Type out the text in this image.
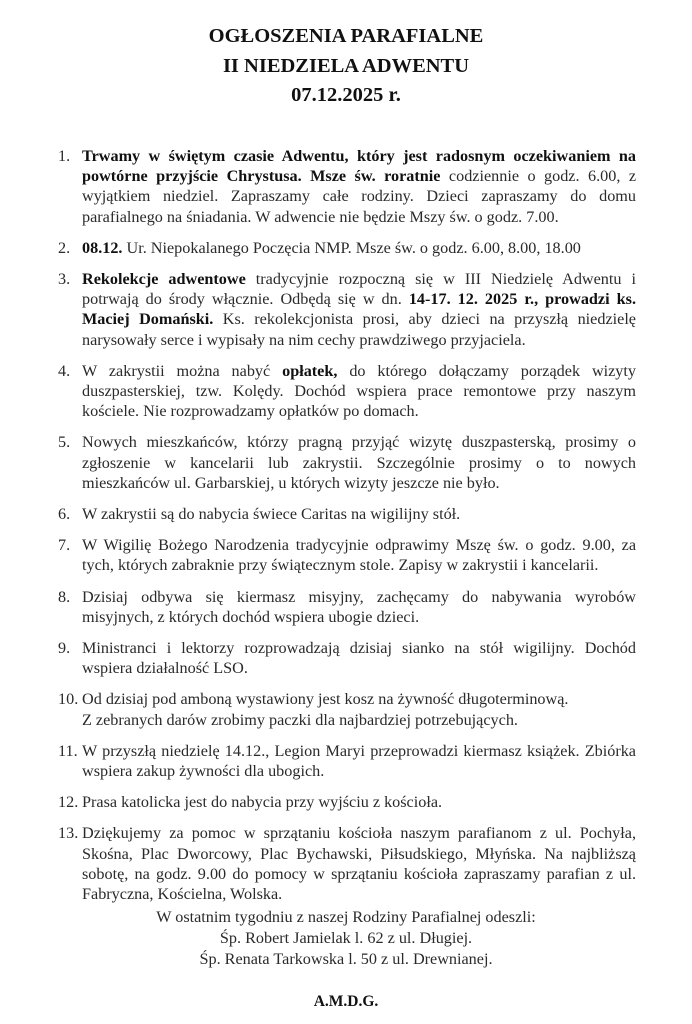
OGŁOSZENIA PARAFIALNE
II NIEDZIELA ADWENTU
07.12.2025 r.
1. Trwamy w świętym czasie Adwentu, który jest radosnym oczekiwaniem na powtórne przyjście Chrystusa. Msze św. roratnie codziennie o godz. 6.00, z wyjątkiem niedziel. Zapraszamy całe rodziny. Dzieci zapraszamy do domu parafialnego na śniadania. W adwencie nie będzie Mszy św. o godz. 7.00.
2. 08.12. Ur. Niepokalanego Poczęcia NMP. Msze św. o godz. 6.00, 8.00, 18.00
3. Rekolekcje adwentowe tradycyjnie rozpoczną się w III Niedzielę Adwentu i potrwają do środy włącznie. Odbędą się w dn. 14-17. 12. 2025 r., prowadzi ks. Maciej Domański. Ks. rekolekcjonista prosi, aby dzieci na przyszłą niedzielę narysowały serce i wypisały na nim cechy prawdziwego przyjaciela.
4. W zakrystii można nabyć opłatek, do którego dołączamy porządek wizyty duszpasterskiej, tzw. Kolędy. Dochód wspiera prace remontowe przy naszym kościele. Nie rozprowadzamy opłatków po domach.
5. Nowych mieszkańców, którzy pragną przyjąć wizytę duszpasterską, prosimy o zgłoszenie w kancelarii lub zakrystii. Szczególnie prosimy o to nowych mieszkańców ul. Garbarskiej, u których wizyty jeszcze nie było.
6. W zakrystii są do nabycia świece Caritas na wigilijny stół.
7. W Wigilię Bożego Narodzenia tradycyjnie odprawimy Mszę św. o godz. 9.00, za tych, których zabraknie przy świątecznym stole. Zapisy w zakrystii i kancelarii.
8. Dzisiaj odbywa się kiermasz misyjny, zachęcamy do nabywania wyrobów misyjnych, z których dochód wspiera ubogie dzieci.
9. Ministranci i lektorzy rozprowadzają dzisiaj sianko na stół wigilijny. Dochód wspiera działalność LSO.
10. Od dzisiaj pod amboną wystawiony jest kosz na żywność długoterminową.
Z zebranych darów zrobimy paczki dla najbardziej potrzebujących.
11. W przyszłą niedzielę 14.12., Legion Maryi przeprowadzi kiermasz książek. Zbiórka wspiera zakup żywności dla ubogich.
12. Prasa katolicka jest do nabycia przy wyjściu z kościoła.
13. Dziękujemy za pomoc w sprzątaniu kościoła naszym parafianom z ul. Pochyła, Skośna, Plac Dworcowy, Plac Bychawski, Piłsudskiego, Młyńska. Na najbliższą sobotę, na godz. 9.00 do pomocy w sprzątaniu kościoła zapraszamy parafian z ul. Fabryczna, Kościelna, Wolska.
W ostatnim tygodniu z naszej Rodziny Parafialnej odeszli:
Śp. Robert Jamielak l. 62 z ul. Długiej.
Śp. Renata Tarkowska l. 50 z ul. Drewnianej.
A.M.D.G.
